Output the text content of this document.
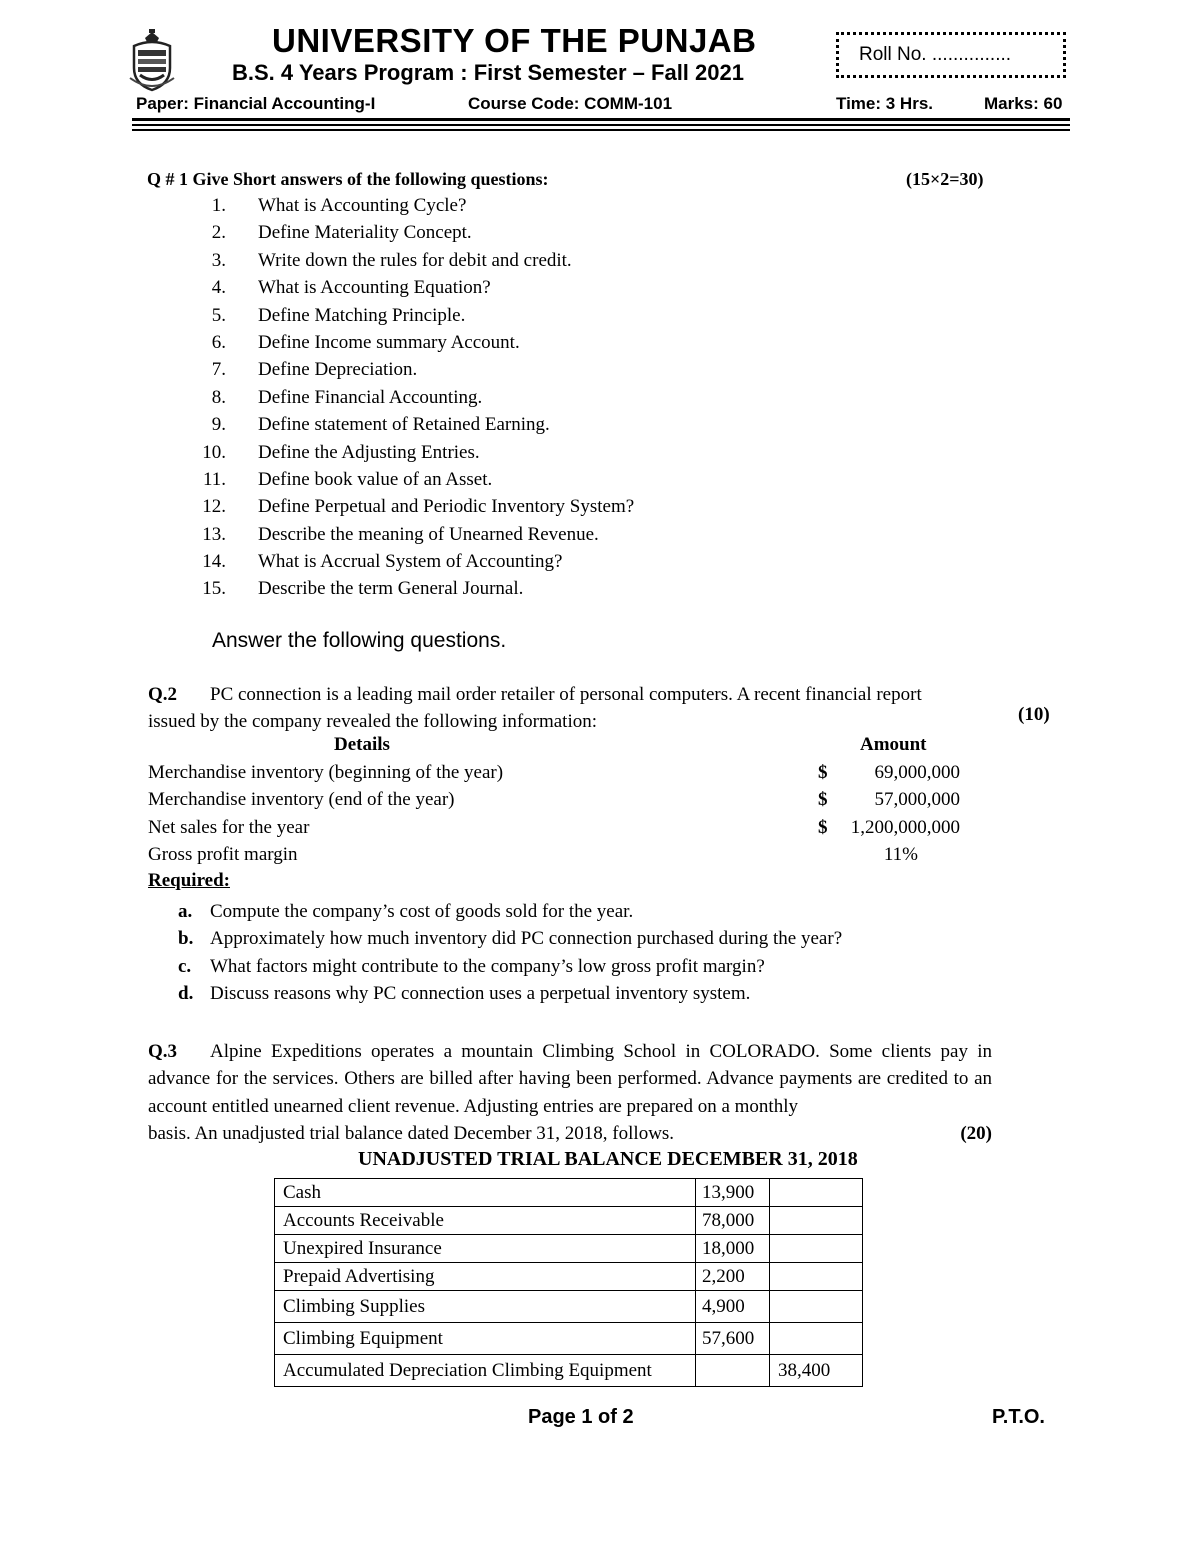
UNIVERSITY OF THE PUNJAB
B.S. 4 Years Program : First Semester – Fall 2021
Roll No. ...............
Paper: Financial Accounting-I	Course Code: COMM-101	Time: 3 Hrs.	Marks: 60
Q # 1 Give Short answers of the following questions:	(15×2=30)
1. What is Accounting Cycle?
2. Define Materiality Concept.
3. Write down the rules for debit and credit.
4. What is Accounting Equation?
5. Define Matching Principle.
6. Define Income summary Account.
7. Define Depreciation.
8. Define Financial Accounting.
9. Define statement of Retained Earning.
10. Define the Adjusting Entries.
11. Define book value of an Asset.
12. Define Perpetual and Periodic Inventory System?
13. Describe the meaning of Unearned Revenue.
14. What is Accrual System of Accounting?
15. Describe the term General Journal.
Answer the following questions.
Q.2 PC connection is a leading mail order retailer of personal computers. A recent financial report
issued by the company revealed the following information:	(10)
Details	Amount
Merchandise inventory (beginning of the year)	$ 69,000,000
Merchandise inventory (end of the year)	$ 57,000,000
Net sales for the year	$ 1,200,000,000
Gross profit margin	11%
Required:
a. Compute the company’s cost of goods sold for the year.
b. Approximately how much inventory did PC connection purchased during the year?
c. What factors might contribute to the company’s low gross profit margin?
d. Discuss reasons why PC connection uses a perpetual inventory system.
Q.3 Alpine Expeditions operates a mountain Climbing School in COLORADO. Some clients pay in advance for the services. Others are billed after having been performed. Advance payments are credited to an account entitled unearned client revenue. Adjusting entries are prepared on a monthly
basis. An unadjusted trial balance dated December 31, 2018, follows.	(20)
UNADJUSTED TRIAL BALANCE DECEMBER 31, 2018
Cash	13,900	
Accounts Receivable	78,000	
Unexpired Insurance	18,000	
Prepaid Advertising	2,200	
Climbing Supplies	4,900	
Climbing Equipment	57,600	
Accumulated Depreciation Climbing Equipment		38,400
Page 1 of 2	P.T.O.
